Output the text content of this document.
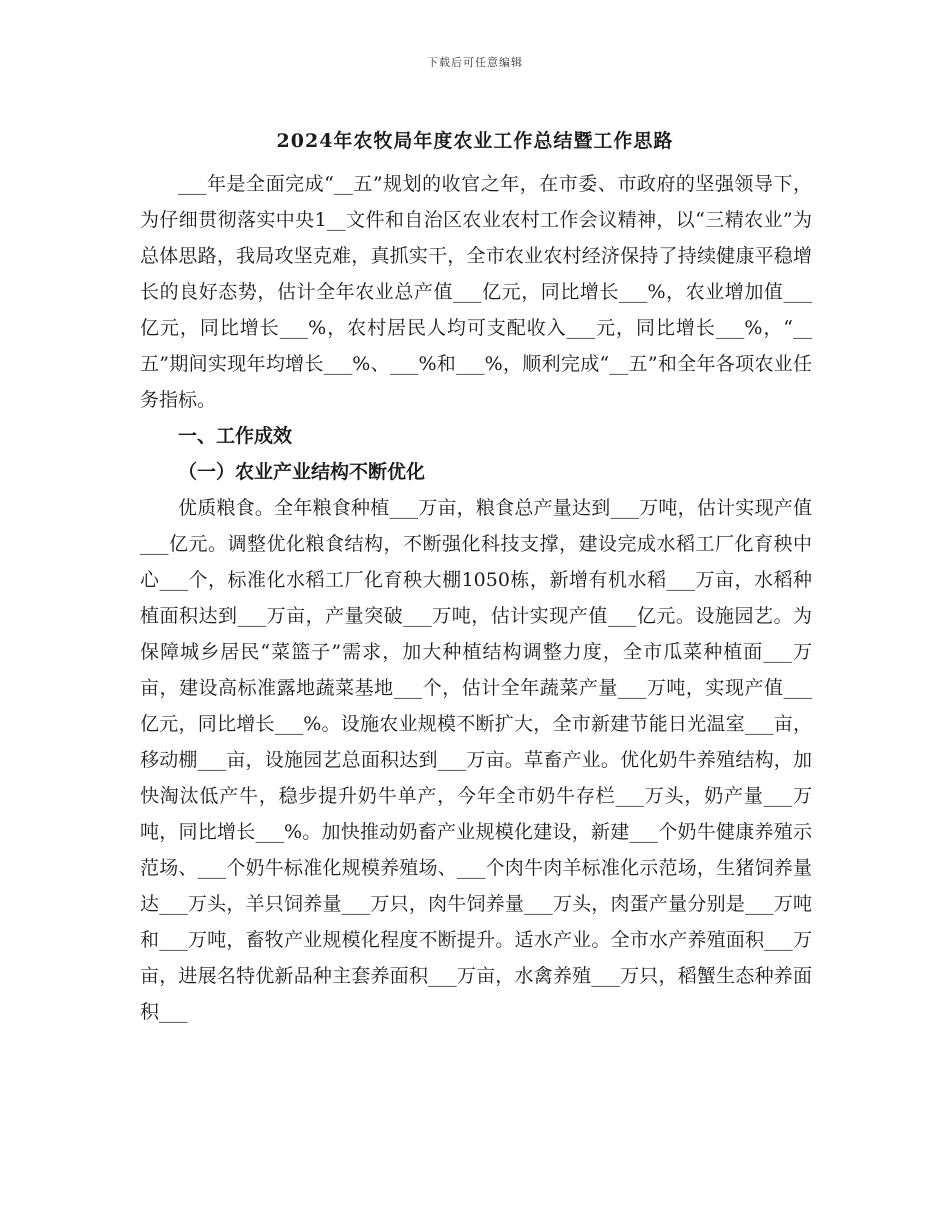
下载后可任意编辑
2024年农牧局年度农业工作总结暨工作思路

___年是全面完成“__五”规划的收官之年，在市委、市政府的坚强领导下，为仔细贯彻落实中央1__文件和自治区农业农村工作会议精神，以“三精农业”为总体思路，我局攻坚克难，真抓实干，全市农业农村经济保持了持续健康平稳增长的良好态势，估计全年农业总产值___亿元，同比增长___%，农业增加值___亿元，同比增长___%，农村居民人均可支配收入___元，同比增长___%，“__五”期间实现年均增长___%、___%和___%，顺利完成“__五”和全年各项农业任务指标。

一、工作成效
（一）农业产业结构不断优化

优质粮食。全年粮食种植___万亩，粮食总产量达到___万吨，估计实现产值___亿元。调整优化粮食结构，不断强化科技支撑，建设完成水稻工厂化育秧中心___个，标准化水稻工厂化育秧大棚1050栋，新增有机水稻___万亩，水稻种植面积达到___万亩，产量突破___万吨，估计实现产值___亿元。设施园艺。为保障城乡居民“菜篮子”需求，加大种植结构调整力度，全市瓜菜种植面___万亩，建设高标准露地蔬菜基地___个，估计全年蔬菜产量___万吨，实现产值___亿元，同比增长___%。设施农业规模不断扩大，全市新建节能日光温室___亩，移动棚___亩，设施园艺总面积达到___万亩。草畜产业。优化奶牛养殖结构，加快淘汰低产牛，稳步提升奶牛单产，今年全市奶牛存栏___万头，奶产量___万吨，同比增长___%。加快推动奶畜产业规模化建设，新建___个奶牛健康养殖示范场、___个奶牛标准化规模养殖场、___个肉牛肉羊标准化示范场，生猪饲养量达___万头，羊只饲养量___万只，肉牛饲养量___万头，肉蛋产量分别是___万吨和___万吨，畜牧产业规模化程度不断提升。适水产业。全市水产养殖面积___万亩，进展名特优新品种主套养面积___万亩，水禽养殖___万只，稻蟹生态种养面积___
